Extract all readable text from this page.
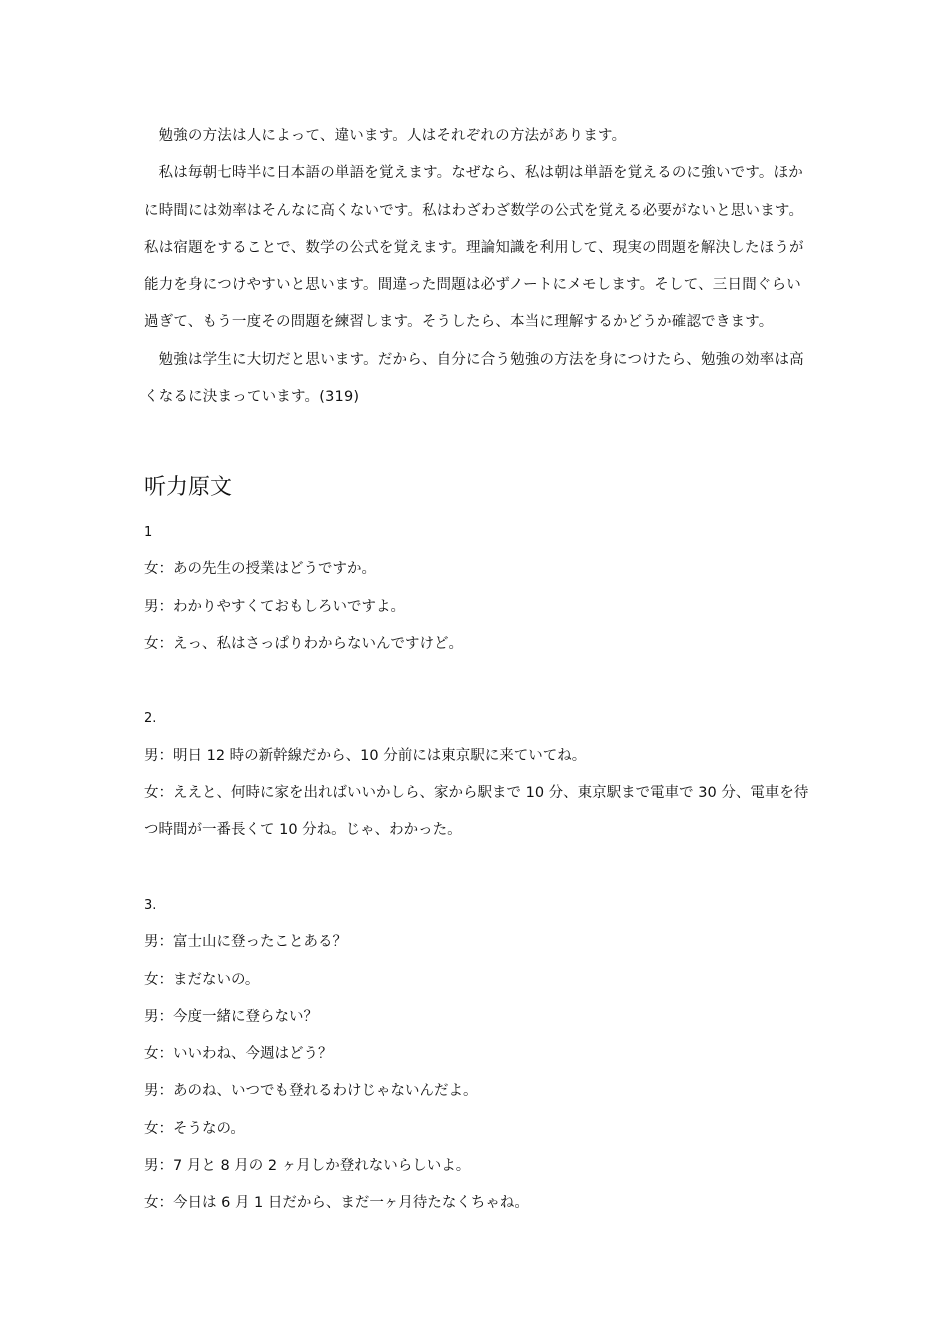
勉強の方法は人によって、違います。人はそれぞれの方法があります。

私は毎朝七時半に日本語の単語を覚えます。なぜなら、私は朝は単語を覚えるのに強いです。ほかに時間には効率はそんなに高くないです。私はわざわざ数学の公式を覚える必要がないと思います。私は宿題をすることで、数学の公式を覚えます。理論知識を利用して、現実の問題を解決したほうが能力を身につけやすいと思います。間違った問題は必ずノートにメモします。そして、三日間ぐらい過ぎて、もう一度その問題を練習します。そうしたら、本当に理解するかどうか確認できます。

勉強は学生に大切だと思います。だから、自分に合う勉強の方法を身につけたら、勉強の効率は高くなるに決まっています。(319)

听力原文

1

女：あの先生の授業はどうですか。

男：わかりやすくておもしろいですよ。

女：えっ、私はさっぱりわからないんですけど。

2.

男：明日 12 時の新幹線だから、10 分前には東京駅に来ていてね。

女：ええと、何時に家を出ればいいかしら、家から駅まで 10 分、東京駅まで電車で 30 分、電車を待つ時間が一番長くて 10 分ね。じゃ、わかった。

3.

男：富士山に登ったことある？

女：まだないの。

男：今度一緒に登らない？

女：いいわね、今週はどう？

男：あのね、いつでも登れるわけじゃないんだよ。

女：そうなの。

男：7 月と 8 月の 2 ヶ月しか登れないらしいよ。

女：今日は 6 月 1 日だから、まだ一ヶ月待たなくちゃね。
